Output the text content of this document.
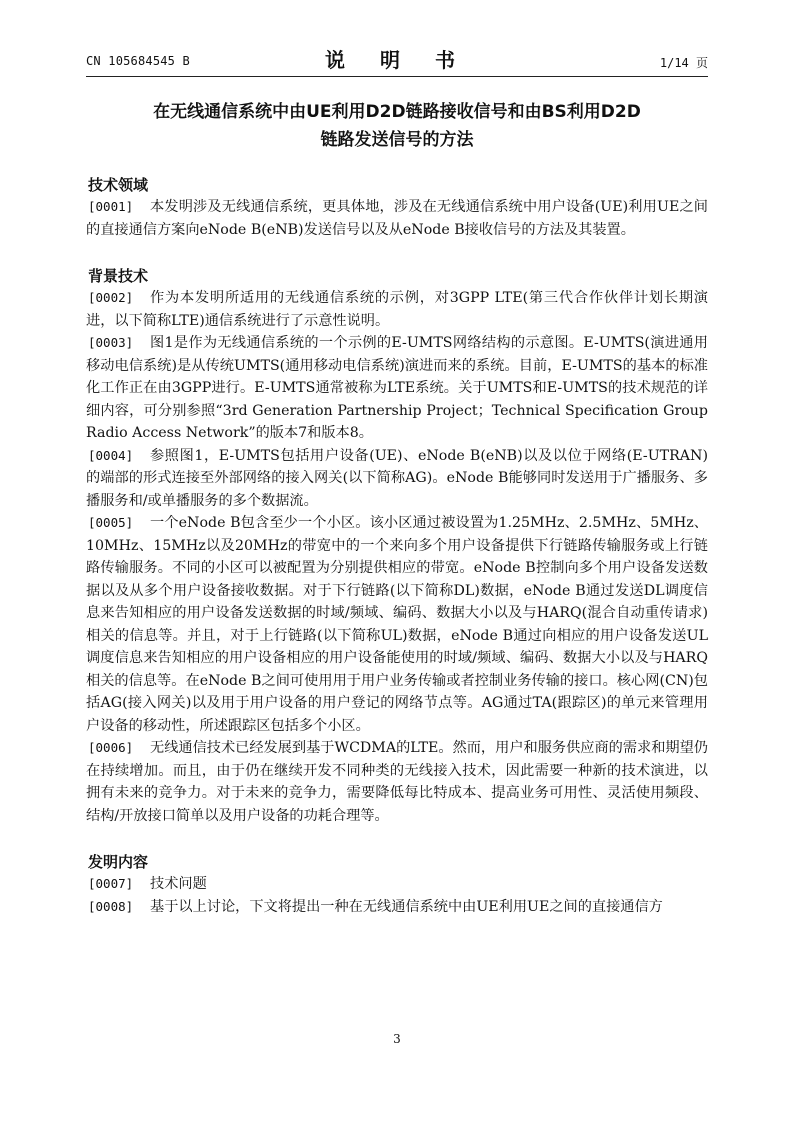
CN 105684545 B	说 明 书	1/14 页
在无线通信系统中由UE利用D2D链路接收信号和由BS利用D2D
链路发送信号的方法
技术领域
[0001]	本发明涉及无线通信系统，更具体地，涉及在无线通信系统中用户设备(UE)利用UE之间的直接通信方案向eNode B(eNB)发送信号以及从eNode B接收信号的方法及其装置。
背景技术
[0002]	作为本发明所适用的无线通信系统的示例，对3GPP LTE(第三代合作伙伴计划长期演进，以下简称LTE)通信系统进行了示意性说明。
[0003]	图1是作为无线通信系统的一个示例的E-UMTS网络结构的示意图。E-UMTS(演进通用移动电信系统)是从传统UMTS(通用移动电信系统)演进而来的系统。目前，E-UMTS的基本的标准化工作正在由3GPP进行。E-UMTS通常被称为LTE系统。关于UMTS和E-UMTS的技术规范的详细内容，可分别参照“3rd Generation Partnership Project；Technical Specification Group Radio Access Network”的版本7和版本8。
[0004]	参照图1，E-UMTS包括用户设备(UE)、eNode B(eNB)以及以位于网络(E-UTRAN)的端部的形式连接至外部网络的接入网关(以下简称AG)。eNode B能够同时发送用于广播服务、多播服务和/或单播服务的多个数据流。
[0005]	一个eNode B包含至少一个小区。该小区通过被设置为1.25MHz、2.5MHz、5MHz、10MHz、15MHz以及20MHz的带宽中的一个来向多个用户设备提供下行链路传输服务或上行链路传输服务。不同的小区可以被配置为分别提供相应的带宽。eNode B控制向多个用户设备发送数据以及从多个用户设备接收数据。对于下行链路(以下简称DL)数据，eNode B通过发送DL调度信息来告知相应的用户设备发送数据的时域/频域、编码、数据大小以及与HARQ(混合自动重传请求)相关的信息等。并且，对于上行链路(以下简称UL)数据，eNode B通过向相应的用户设备发送UL调度信息来告知相应的用户设备相应的用户设备能使用的时域/频域、编码、数据大小以及与HARQ相关的信息等。在eNode B之间可使用用于用户业务传输或者控制业务传输的接口。核心网(CN)包括AG(接入网关)以及用于用户设备的用户登记的网络节点等。AG通过TA(跟踪区)的单元来管理用户设备的移动性，所述跟踪区包括多个小区。
[0006]	无线通信技术已经发展到基于WCDMA的LTE。然而，用户和服务供应商的需求和期望仍在持续增加。而且，由于仍在继续开发不同种类的无线接入技术，因此需要一种新的技术演进，以拥有未来的竞争力。对于未来的竞争力，需要降低每比特成本、提高业务可用性、灵活使用频段、结构/开放接口简单以及用户设备的功耗合理等。
发明内容
[0007]	技术问题
[0008]	基于以上讨论，下文将提出一种在无线通信系统中由UE利用UE之间的直接通信方
3
